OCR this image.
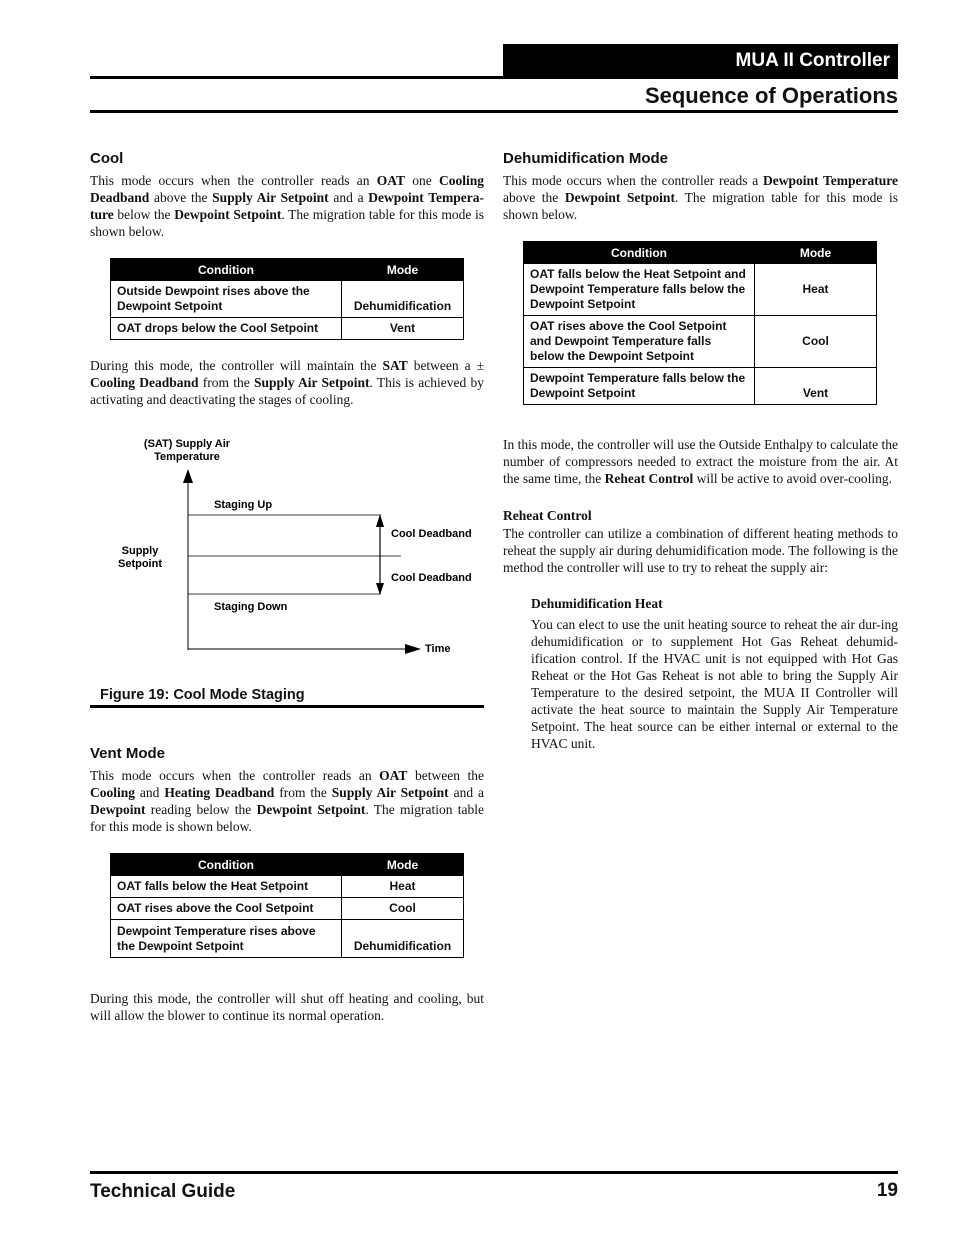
MUA II Controller
Sequence of Operations
Cool

This mode occurs when the controller reads an OAT one Cooling Deadband above the Supply Air Setpoint and a Dewpoint Tempera-ture below the Dewpoint Setpoint. The migration table for this mode is shown below.

Condition	Mode
Outside Dewpoint rises above the Dewpoint Setpoint	Dehumidification
OAT drops below the Cool Setpoint	Vent

During this mode, the controller will maintain the SAT between a ± Cooling Deadband from the Supply Air Setpoint. This is achieved by activating and deactivating the stages of cooling.

(SAT) Supply Air
Temperature
Time
Staging Up
Staging Down
Cool Deadband
Cool Deadband
Supply
Setpoint
Figure 19: Cool Mode Staging
Vent Mode

This mode occurs when the controller reads an OAT between the Cooling and Heating Deadband from the Supply Air Setpoint and a Dewpoint reading below the Dewpoint Setpoint. The migration table for this mode is shown below.

Condition	Mode
OAT falls below the Heat Setpoint	Heat
OAT rises above the Cool Setpoint	Cool
Dewpoint Temperature rises above the Dewpoint Setpoint	Dehumidification

During this mode, the controller will shut off heating and cooling, but will allow the blower to continue its normal operation.

Dehumidification Mode

This mode occurs when the controller reads a Dewpoint Temperature above the Dewpoint Setpoint. The migration table for this mode is shown below.

Condition	Mode
OAT falls below the Heat Setpoint and Dewpoint Temperature falls below the Dewpoint Setpoint	Heat
OAT rises above the Cool Setpoint and Dewpoint Temperature falls below the Dewpoint Setpoint	Cool
Dewpoint Temperature falls below the Dewpoint Setpoint	Vent

In this mode, the controller will use the Outside Enthalpy to calculate the number of compressors needed to extract the moisture from the air. At the same time, the Reheat Control will be active to avoid over-cooling.

Reheat Control

The controller can utilize a combination of different heating methods to reheat the supply air during dehumidification mode. The following is the method the controller will use to try to reheat the supply air:

Dehumidification Heat

You can elect to use the unit heating source to reheat the air dur-ing dehumidification or to supplement Hot Gas Reheat dehumid-ification control. If the HVAC unit is not equipped with Hot Gas Reheat or the Hot Gas Reheat is not able to bring the Supply Air Temperature to the desired setpoint, the MUA II Controller will activate the heat source to maintain the Supply Air Temperature Setpoint. The heat source can be either internal or external to the HVAC unit.

Technical Guide	19
